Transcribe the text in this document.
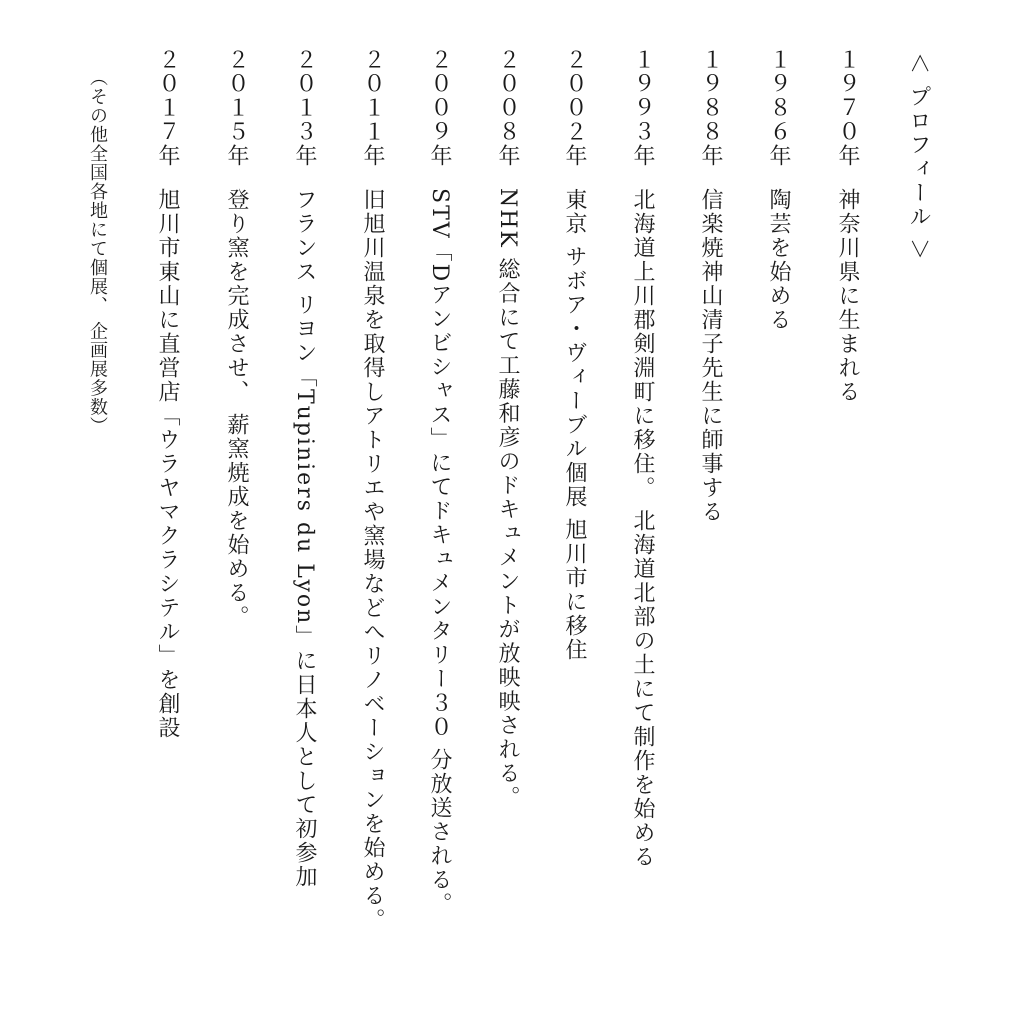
＜ プロフィール ＞
１９７０年神奈川県に生まれる
１９８６年陶芸を始める
１９８８年信楽焼神山清子先生に師事する
１９９３年北海道上川郡剣淵町に移住。 北海道北部の土にて制作を始める
２００２年東京 サボア・ヴィーブル個展 旭川市に移住
２００８年NHK 総合にて工藤和彦のドキュメントが放映映される。
２００９年STV「Dアンビシャス」にてドキュメンタリー３０ 分放送される。
２０１１年旧旭川温泉を取得しアトリエや窯場などへリノベーションを始める。
２０１３年フランス リヨン「Tupiniers du Lyon」に日本人として初参加
２０１５年登り窯を完成させ、 薪窯焼成を始める。
２０１７年旭川市東山に直営店「ウラヤマクラシテル」を創設
（その他全国各地にて個展、 企画展多数）
